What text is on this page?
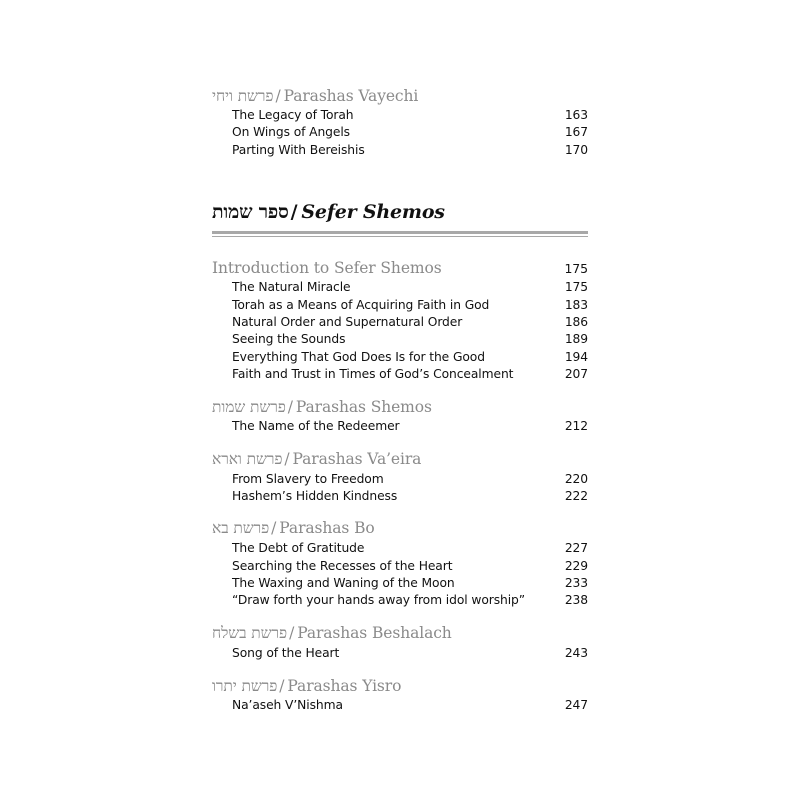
פרשת ויחי / Parashas Vayechi
The Legacy of Torah	163
On Wings of Angels	167
Parting With Bereishis	170
ספר שמות / Sefer Shemos
Introduction to Sefer Shemos	175
The Natural Miracle	175
Torah as a Means of Acquiring Faith in God	183
Natural Order and Supernatural Order	186
Seeing the Sounds	189
Everything That God Does Is for the Good	194
Faith and Trust in Times of God’s Concealment	207
פרשת שמות / Parashas Shemos
The Name of the Redeemer	212
פרשת וארא / Parashas Va’eira
From Slavery to Freedom	220
Hashem’s Hidden Kindness	222
פרשת בא / Parashas Bo
The Debt of Gratitude	227
Searching the Recesses of the Heart	229
The Waxing and Waning of the Moon	233
“Draw forth your hands away from idol worship”	238
פרשת בשלח / Parashas Beshalach
Song of the Heart	243
פרשת יתרו / Parashas Yisro
Na’aseh V’Nishma	247
